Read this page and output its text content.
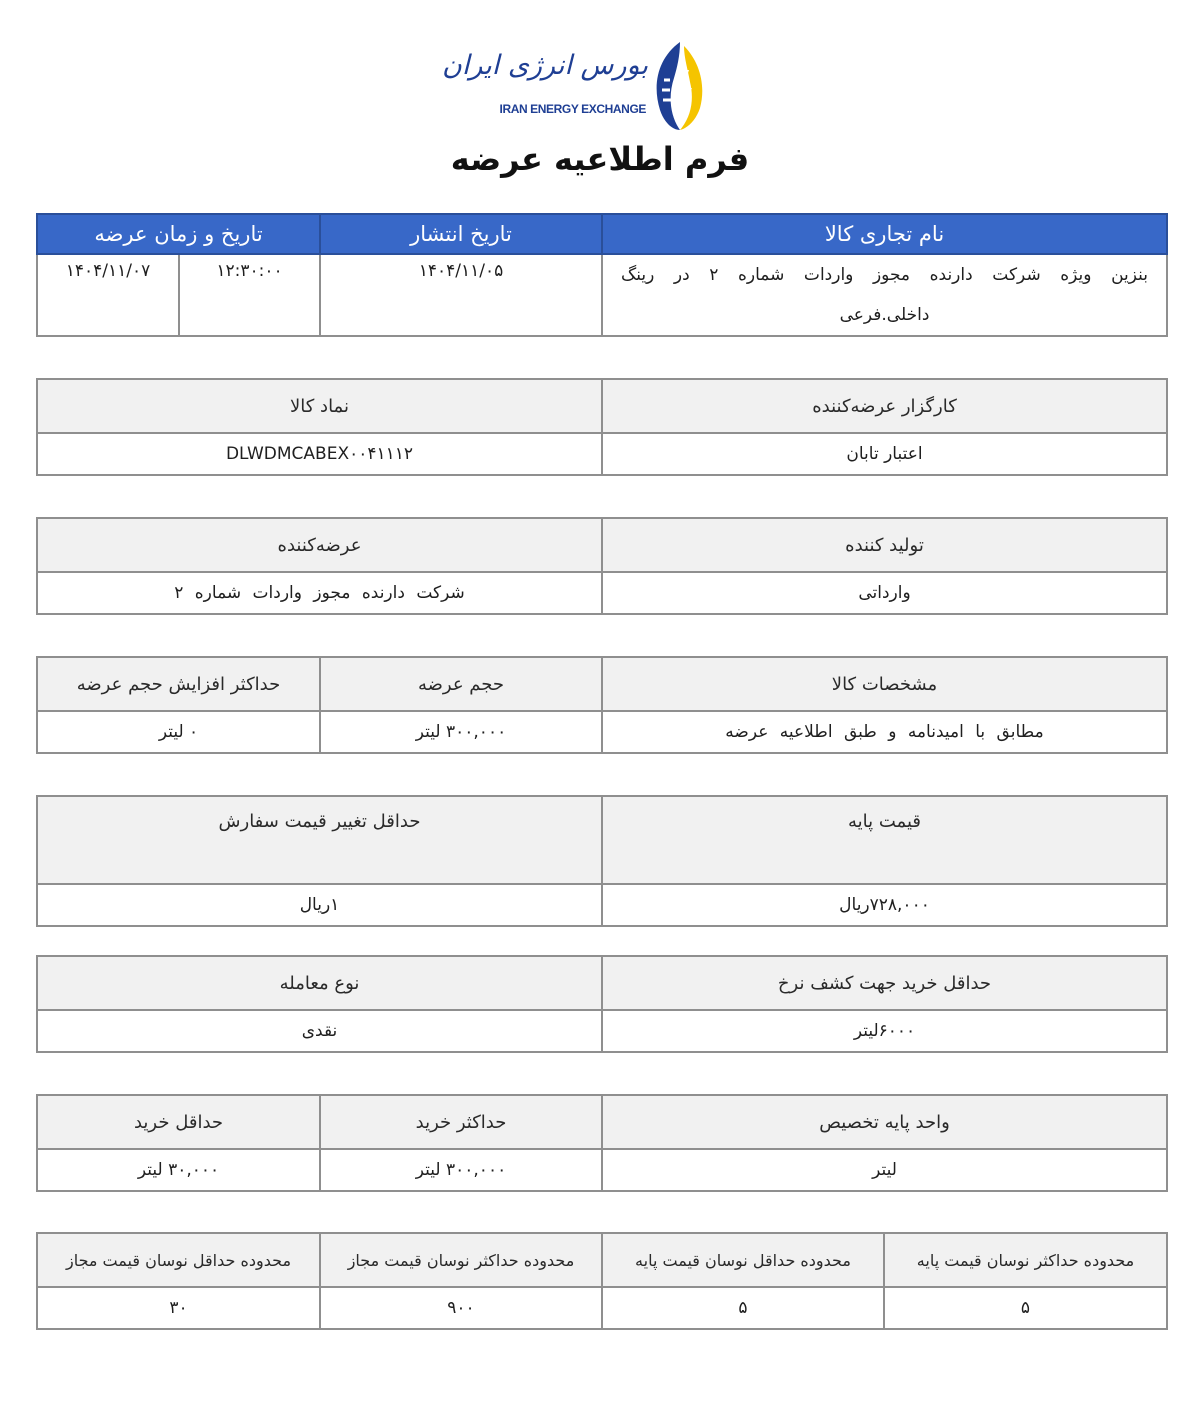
بورس انرژی ایران
IRAN ENERGY EXCHANGE
فرم اطلاعیه عرضه
نام تجاری کالا	تاریخ انتشار	تاریخ و زمان عرضه	
بنزین ویژه شرکت دارنده مجوز واردات شماره ۲ در رینگ داخلی.فرعی	۱۴۰۴/۱۱/۰۵	۱۲:۳۰:۰۰	۱۴۰۴/۱۱/۰۷
کارگزار عرضه‌کننده	نماد کالا
اعتبار تابان	DLWDMCABEX۰۰۴۱۱۱۲
تولید کننده	عرضه‌کننده
وارداتی	شرکت دارنده مجوز واردات شماره ۲
مشخصات کالا	حجم عرضه	حداکثر افزایش حجم عرضه
مطابق با امیدنامه و طبق اطلاعیه عرضه	۳۰۰,۰۰۰ لیتر	۰ لیتر
قیمت پایه	حداقل تغییر قیمت سفارش
۷۲۸,۰۰۰ریال	۱ریال
حداقل خرید جهت کشف نرخ	نوع معامله
۶۰۰۰لیتر	نقدی
واحد پایه تخصیص	حداکثر خرید	حداقل خرید
لیتر	۳۰۰,۰۰۰ لیتر	۳۰,۰۰۰ لیتر
محدوده حداکثر نوسان قیمت پایه	محدوده حداقل نوسان قیمت پایه	محدوده حداکثر نوسان قیمت مجاز	محدوده حداقل نوسان قیمت مجاز
۵	۵	۹۰۰	۳۰
